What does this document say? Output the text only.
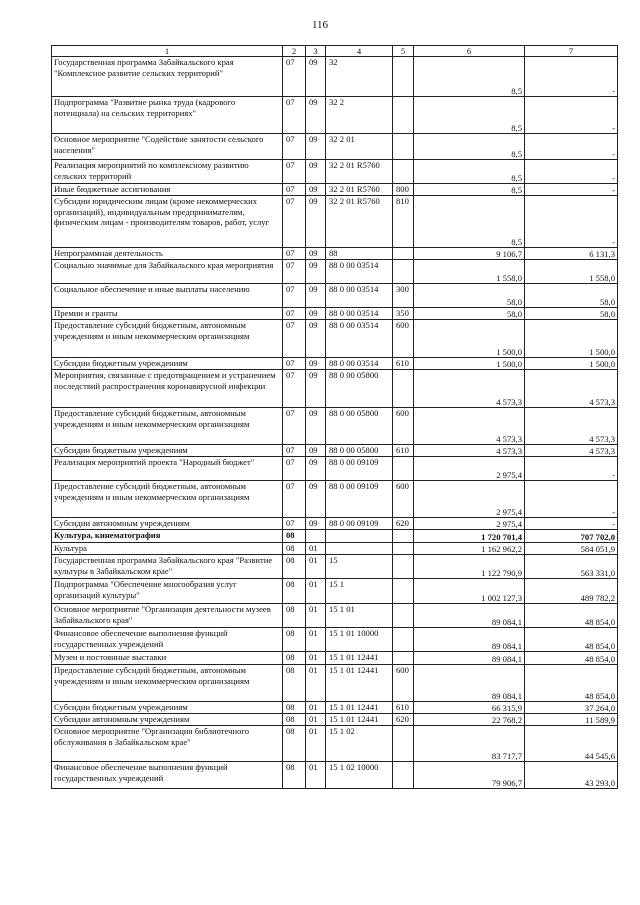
116
1	2	3	4	5	6	7
Государственная программа Забайкальского края "Комплексное развитие сельских территорий"	07	09	32		8,5	-
Подпрограмма "Развитие рынка труда (кадрового потенциала) на сельских территориях"	07	09	32 2		8,5	-
Основное мероприятие "Содействие занятости сельского населения"	07	09	32 2 01		8,5	-
Реализация мероприятий по комплексному развитию сельских территорий	07	09	32 2 01 R5760		8,5	-
Иные бюджетные ассигнования	07	09	32 2 01 R5760	800	8,5	-
Субсидии юридическим лицам (кроме некоммерческих организаций), индивидуальным предпринимателям, физическим лицам - производителям товаров, работ, услуг	07	09	32 2 01 R5760	810	8,5	-
Непрограммная деятельность	07	09	88		9 106,7	6 131,3
Социально значимые для Забайкальского края мероприятия	07	09	88 0 00 03514		1 558,0	1 558,0
Социальное обеспечение и иные выплаты населению	07	09	88 0 00 03514	300	58,0	58,0
Премии и гранты	07	09	88 0 00 03514	350	58,0	58,0
Предоставление субсидий бюджетным, автономным учреждениям и иным некоммерческим организациям	07	09	88 0 00 03514	600	1 500,0	1 500,0
Субсидии бюджетным учреждениям	07	09	88 0 00 03514	610	1 500,0	1 500,0
Мероприятия, связанные с предотвращением и устранением последствий распространения коронавирусной инфекции	07	09	88 0 00 05800		4 573,3	4 573,3
Предоставление субсидий бюджетным, автономным учреждениям и иным некоммерческим организациям	07	09	88 0 00 05800	600	4 573,3	4 573,3
Субсидии бюджетным учреждениям	07	09	88 0 00 05800	610	4 573,3	4 573,3
Реализация мероприятий проекта "Народный бюджет"	07	09	88 0 00 09109		2 975,4	-
Предоставление субсидий бюджетным, автономным учреждениям и иным некоммерческим организациям	07	09	88 0 00 09109	600	2 975,4	-
Субсидии автономным учреждениям	07	09	88 0 00 09109	620	2 975,4	-
Культура, кинематография	08				1 720 701,4	707 702,0
Культура	08	01			1 162 962,2	584 051,9
Государственная программа Забайкальского края "Развитие культуры в Забайкальском крае"	08	01	15		1 122 790,9	563 331,0
Подпрограмма "Обеспечение многообразия услуг организаций культуры"	08	01	15 1		1 002 127,3	489 782,2
Основное мероприятие "Организация деятельности музеев Забайкальского края"	08	01	15 1 01		89 084,1	48 854,0
Финансовое обеспечение выполнения функций государственных учреждений	08	01	15 1 01 10000		89 084,1	48 854,0
Музеи и постоянные выставки	08	01	15 1 01 12441		89 084,1	48 854,0
Предоставление субсидий бюджетным, автономным учреждениям и иным некоммерческим организациям	08	01	15 1 01 12441	600	89 084,1	48 854,0
Субсидии бюджетным учреждениям	08	01	15 1 01 12441	610	66 315,9	37 264,0
Субсидии автономным учреждениям	08	01	15 1 01 12441	620	22 768,2	11 589,9
Основное мероприятие "Организация библиотечного обслуживания в Забайкальском крае"	08	01	15 1 02		83 717,7	44 545,6
Финансовое обеспечение выполнения функций государственных учреждений	08	01	15 1 02 10000		79 906,7	43 293,0
